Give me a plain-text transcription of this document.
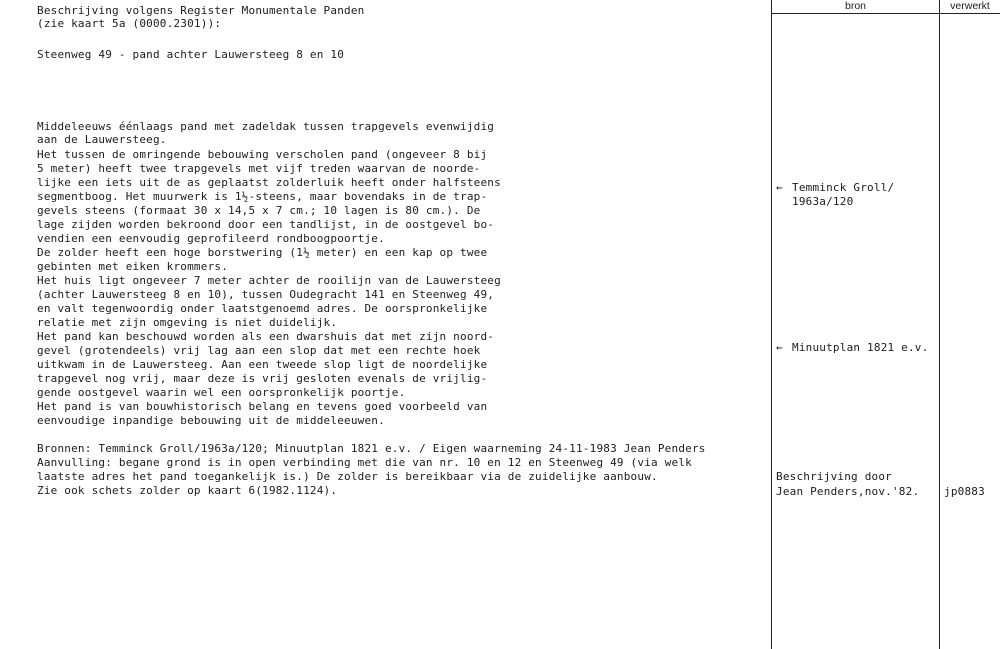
bron	verwerkt
Beschrijving volgens Register Monumentale Panden
(zie kaart 5a (0000.2301)):
Steenweg 49 - pand achter Lauwersteeg 8 en 10
Middeleeuws éénlaags pand met zadeldak tussen trapgevels evenwijdig
aan de Lauwersteeg.
Het tussen de omringende bebouwing verscholen pand (ongeveer 8 bij
5 meter) heeft twee trapgevels met vijf treden waarvan de noorde-
lijke een iets uit de as geplaatst zolderluik heeft onder halfsteens
segmentboog. Het muurwerk is 1½-steens, maar bovendaks in de trap-
gevels steens (formaat 30 x 14,5 x 7 cm.; 10 lagen is 80 cm.). De
lage zijden worden bekroond door een tandlijst, in de oostgevel bo-
vendien een eenvoudig geprofileerd rondboogpoortje.
De zolder heeft een hoge borstwering (1½ meter) en een kap op twee
gebinten met eiken krommers.
Het huis ligt ongeveer 7 meter achter de rooilijn van de Lauwersteeg
(achter Lauwersteeg 8 en 10), tussen Oudegracht 141 en Steenweg 49,
en valt tegenwoordig onder laatstgenoemd adres. De oorspronkelijke
relatie met zijn omgeving is niet duidelijk.
Het pand kan beschouwd worden als een dwarshuis dat met zijn noord-
gevel (grotendeels) vrij lag aan een slop dat met een rechte hoek
uitkwam in de Lauwersteeg. Aan een tweede slop ligt de noordelijke
trapgevel nog vrij, maar deze is vrij gesloten evenals de vrijlig-
gende oostgevel waarin wel een oorspronkelijk poortje.
Het pand is van bouwhistorisch belang en tevens goed voorbeeld van
eenvoudige inpandige bebouwing uit de middeleeuwen.
Bronnen: Temminck Groll/1963a/120; Minuutplan 1821 e.v. / Eigen waarneming 24-11-1983 Jean Penders
Aanvulling: begane grond is in open verbinding met die van nr. 10 en 12 en Steenweg 49 (via welk
laatste adres het pand toegankelijk is.) De zolder is bereikbaar via de zuidelijke aanbouw.
Zie ook schets zolder op kaart 6(1982.1124).
← Temminck Groll/
1963a/120
← Minuutplan 1821 e.v.
Beschrijving door
Jean Penders,nov.'82. jp0883
